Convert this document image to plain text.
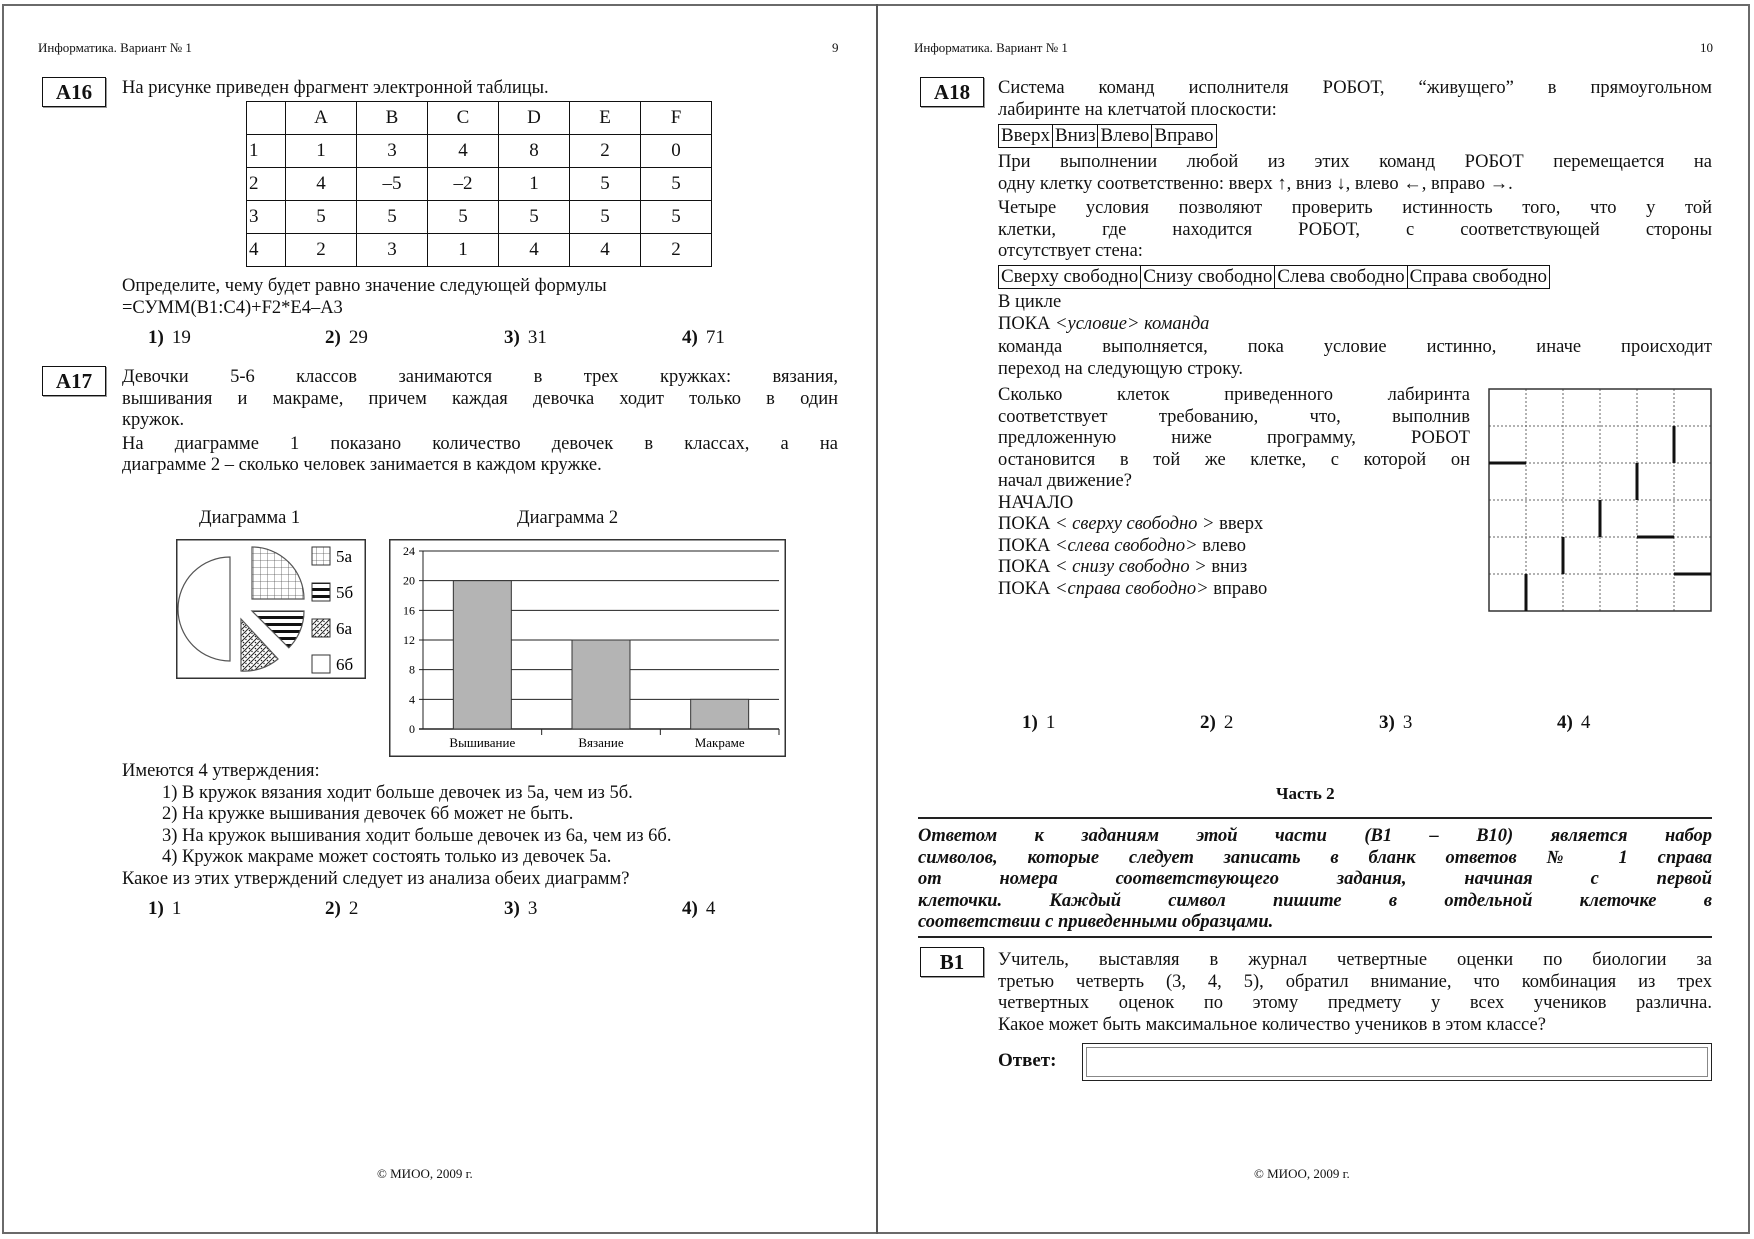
Информатика. Вариант № 1	9
A16	На рисунке приведен фрагмент электронной таблицы.
	A	B	C	D	E	F
1	1	3	4	8	2	0
2	4	–5	–2	1	5	5
3	5	5	5	5	5	5
4	2	3	1	4	4	2
Определите, чему будет равно значение следующей формулы
=СУММ(B1:C4)+F2*E4–A3
1) 19	2) 29	3) 31	4) 71
A17	Девочки 5-6 классов занимаются в трех кружках: вязания,
вышивания и макраме, причем каждая девочка ходит только в один
кружок.
На диаграмме 1 показано количество девочек в классах, а на
диаграмме 2 – сколько человек занимается в каждом кружке.
Диаграмма 1	Диаграмма 2
5а
5б
6а
6б
0
4
8
12
16
20
24
Вышивание	Вязание	Макраме
Имеются 4 утверждения:
1) В кружок вязания ходит больше девочек из 5а, чем из 5б.
2) На кружке вышивания девочек 6б может не быть.
3) На кружок вышивания ходит больше девочек из 6а, чем из 6б.
4) Кружок макраме может состоять только из девочек 5а.
Какое из этих утверждений следует из анализа обеих диаграмм?
1) 1	2) 2	3) 3	4) 4
© МИОО, 2009 г.
Информатика. Вариант № 1	10
A18	Система команд исполнителя РОБОТ, “живущего” в прямоугольном
лабиринте на клетчатой плоскости:
Вверх Вниз Влево Вправо
При выполнении любой из этих команд РОБОТ перемещается на
одну клетку соответственно: вверх ↑, вниз ↓, влево ←, вправо →.
Четыре условия позволяют проверить истинность того, что у той
клетки, где находится РОБОТ, с соответствующей стороны
отсутствует стена:
Сверху свободно Снизу свободно Слева свободно Справа свободно
В цикле
ПОКА <условие> команда
команда выполняется, пока условие истинно, иначе происходит
переход на следующую строку.
Сколько клеток приведенного лабиринта
соответствует требованию, что, выполнив
предложенную ниже программу, РОБОТ
остановится в той же клетке, с которой он
начал движение?
НАЧАЛО
ПОКА < сверху свободно > вверх
ПОКА <слева свободно> влево
ПОКА < снизу свободно > вниз
ПОКА <справа свободно> вправо
1) 1	2) 2	3) 3	4) 4
Часть 2
Ответом к заданиям этой части (B1 – B10) является набор
символов, которые следует записать в бланк ответов № 1 справа
от номера соответствующего задания, начиная с первой
клеточки. Каждый символ пишите в отдельной клеточке в
соответствии с приведенными образцами.
B1	Учитель, выставляя в журнал четвертные оценки по биологии за
третью четверть (3, 4, 5), обратил внимание, что комбинация из трех
четвертных оценок по этому предмету у всех учеников различна.
Какое может быть максимальное количество учеников в этом классе?
Ответ:
© МИОО, 2009 г.
